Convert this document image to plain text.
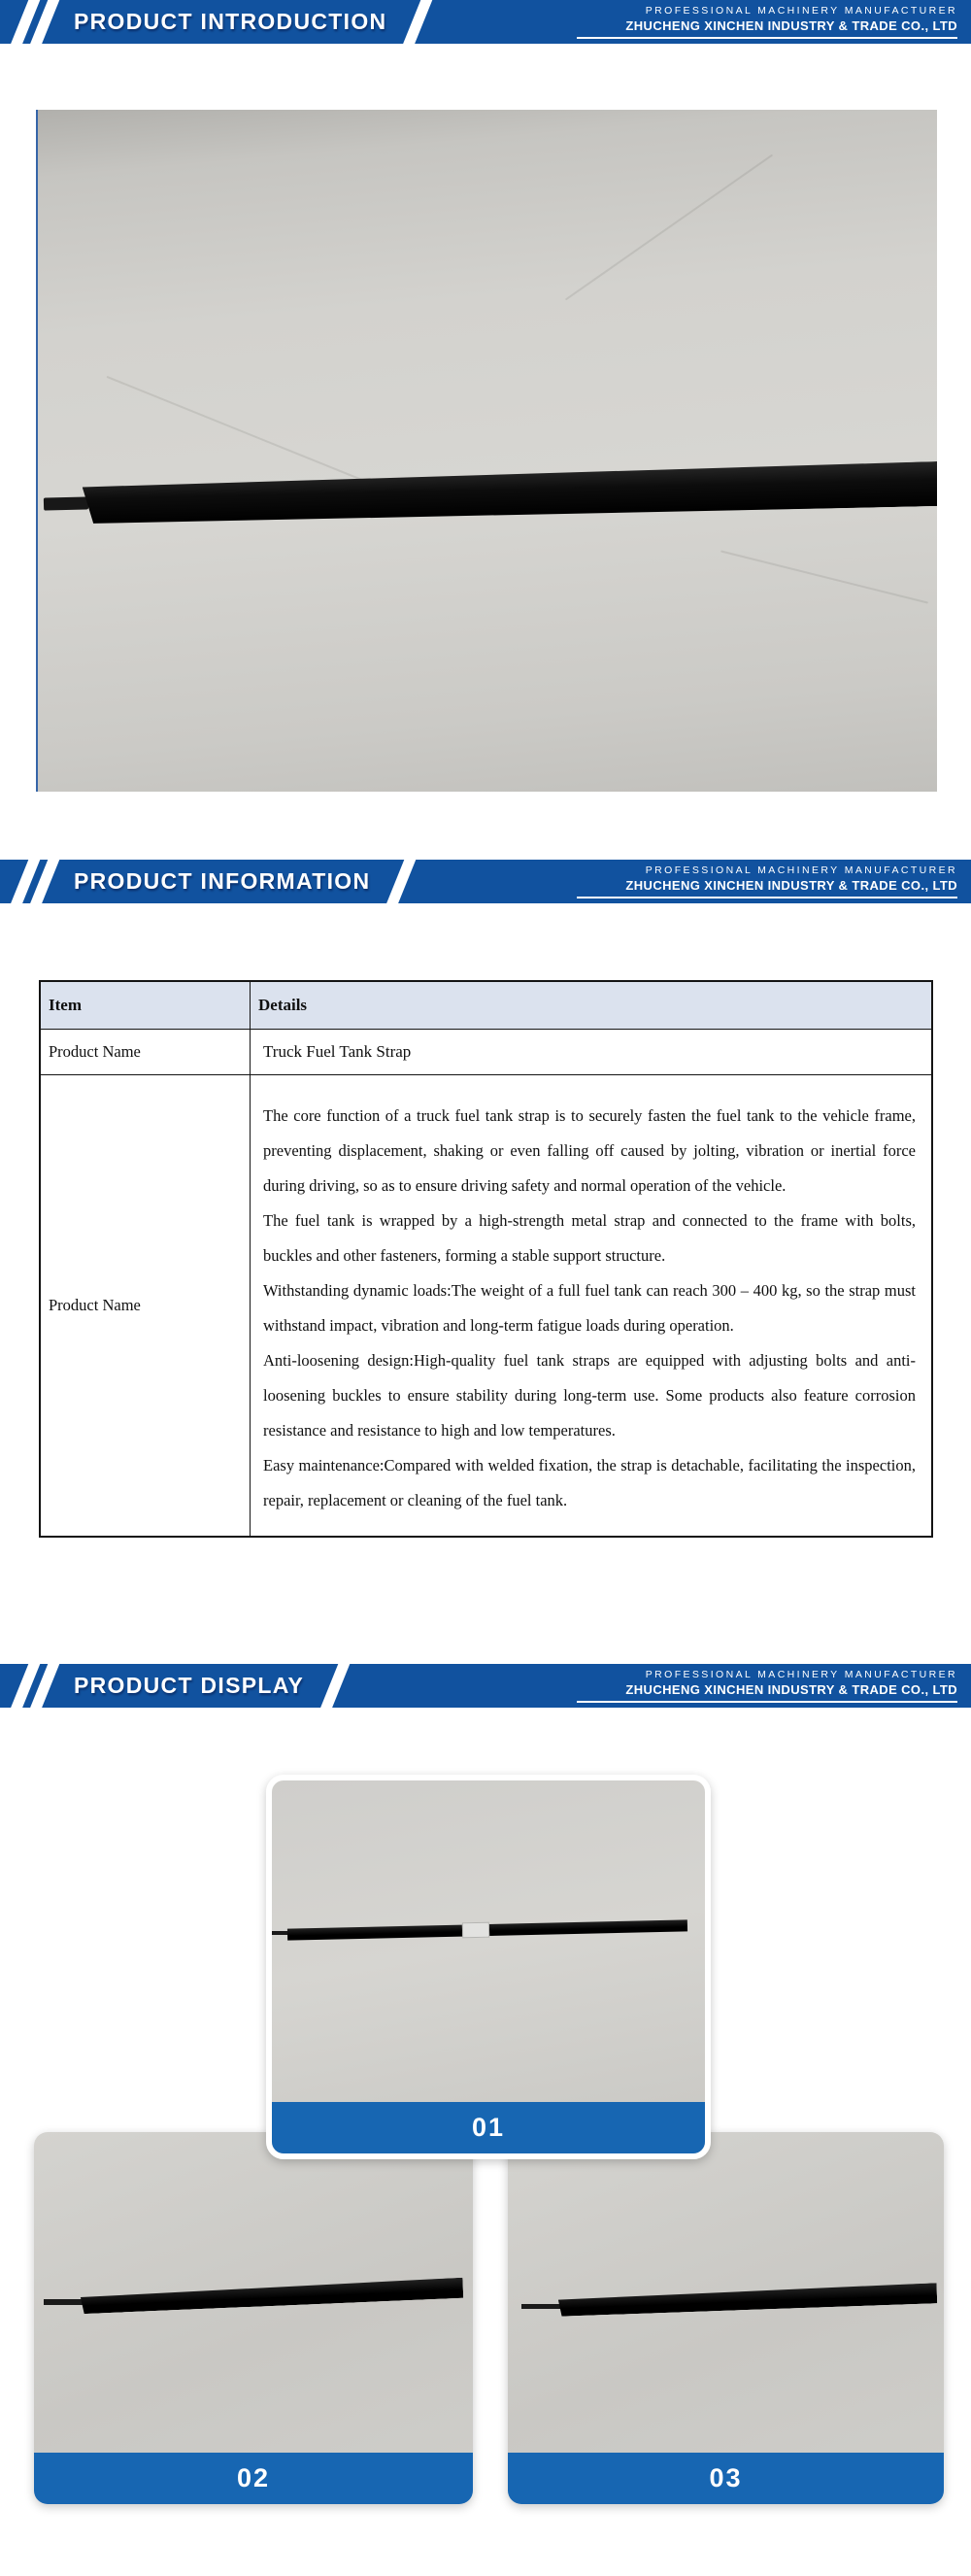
PRODUCT INTRODUCTION	PROFESSIONAL MACHINERY MANUFACTURER
ZHUCHENG XINCHEN INDUSTRY & TRADE CO., LTD
PRODUCT INFORMATION	PROFESSIONAL MACHINERY MANUFACTURER
ZHUCHENG XINCHEN INDUSTRY & TRADE CO., LTD
Item	Details
Product Name	Truck Fuel Tank Strap
Product Name	The core function of a truck fuel tank strap is to securely fasten the fuel tank to the vehicle frame, preventing displacement, shaking or even falling off caused by jolting, vibration or inertial force during driving, so as to ensure driving safety and normal operation of the vehicle.

The fuel tank is wrapped by a high-strength metal strap and connected to the frame with bolts, buckles and other fasteners, forming a stable support structure.

Withstanding dynamic loads:The weight of a full fuel tank can reach 300 – 400 kg, so the strap must withstand impact, vibration and long-term fatigue loads during operation.

Anti-loosening design:High-quality fuel tank straps are equipped with adjusting bolts and anti-loosening buckles to ensure stability during long-term use. Some products also feature corrosion resistance and resistance to high and low temperatures.

Easy maintenance:Compared with welded fixation, the strap is detachable, facilitating the inspection, repair, replacement or cleaning of the fuel tank.

PRODUCT DISPLAY	PROFESSIONAL MACHINERY MANUFACTURER
ZHUCHENG XINCHEN INDUSTRY & TRADE CO., LTD
01
02	03
